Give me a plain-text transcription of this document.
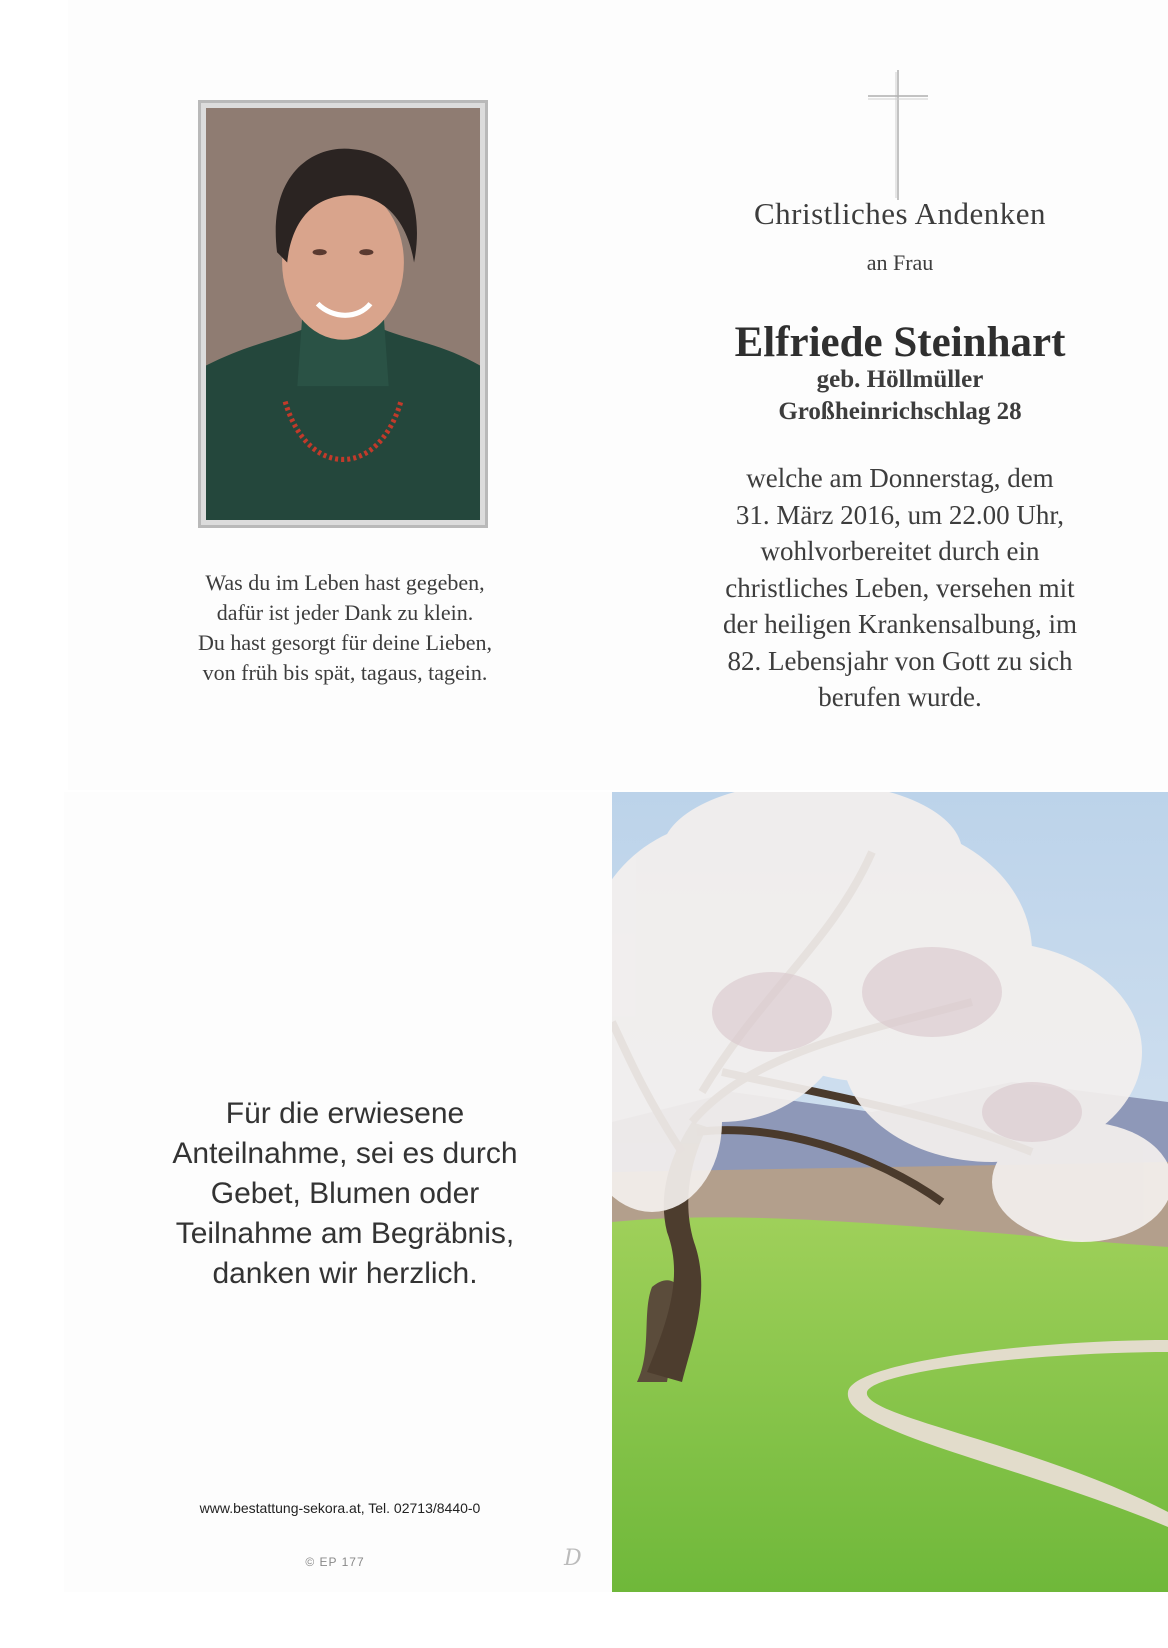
Was du im Leben hast gegeben,
dafür ist jeder Dank zu klein.
Du hast gesorgt für deine Lieben,
von früh bis spät, tagaus, tagein.
Christliches Andenken
an Frau
Elfriede Steinhart
geb. Höllmüller
Großheinrichschlag 28
welche am Donnerstag, dem
31. März 2016, um 22.00 Uhr,
wohlvorbereitet durch ein
christliches Leben, versehen mit
der heiligen Krankensalbung, im
82. Lebensjahr von Gott zu sich
berufen wurde.
Für die erwiesene
Anteilnahme, sei es durch
Gebet, Blumen oder
Teilnahme am Begräbnis,
danken wir herzlich.
www.bestattung-sekora.at, Tel. 02713/8440-0
© EP 177	D
